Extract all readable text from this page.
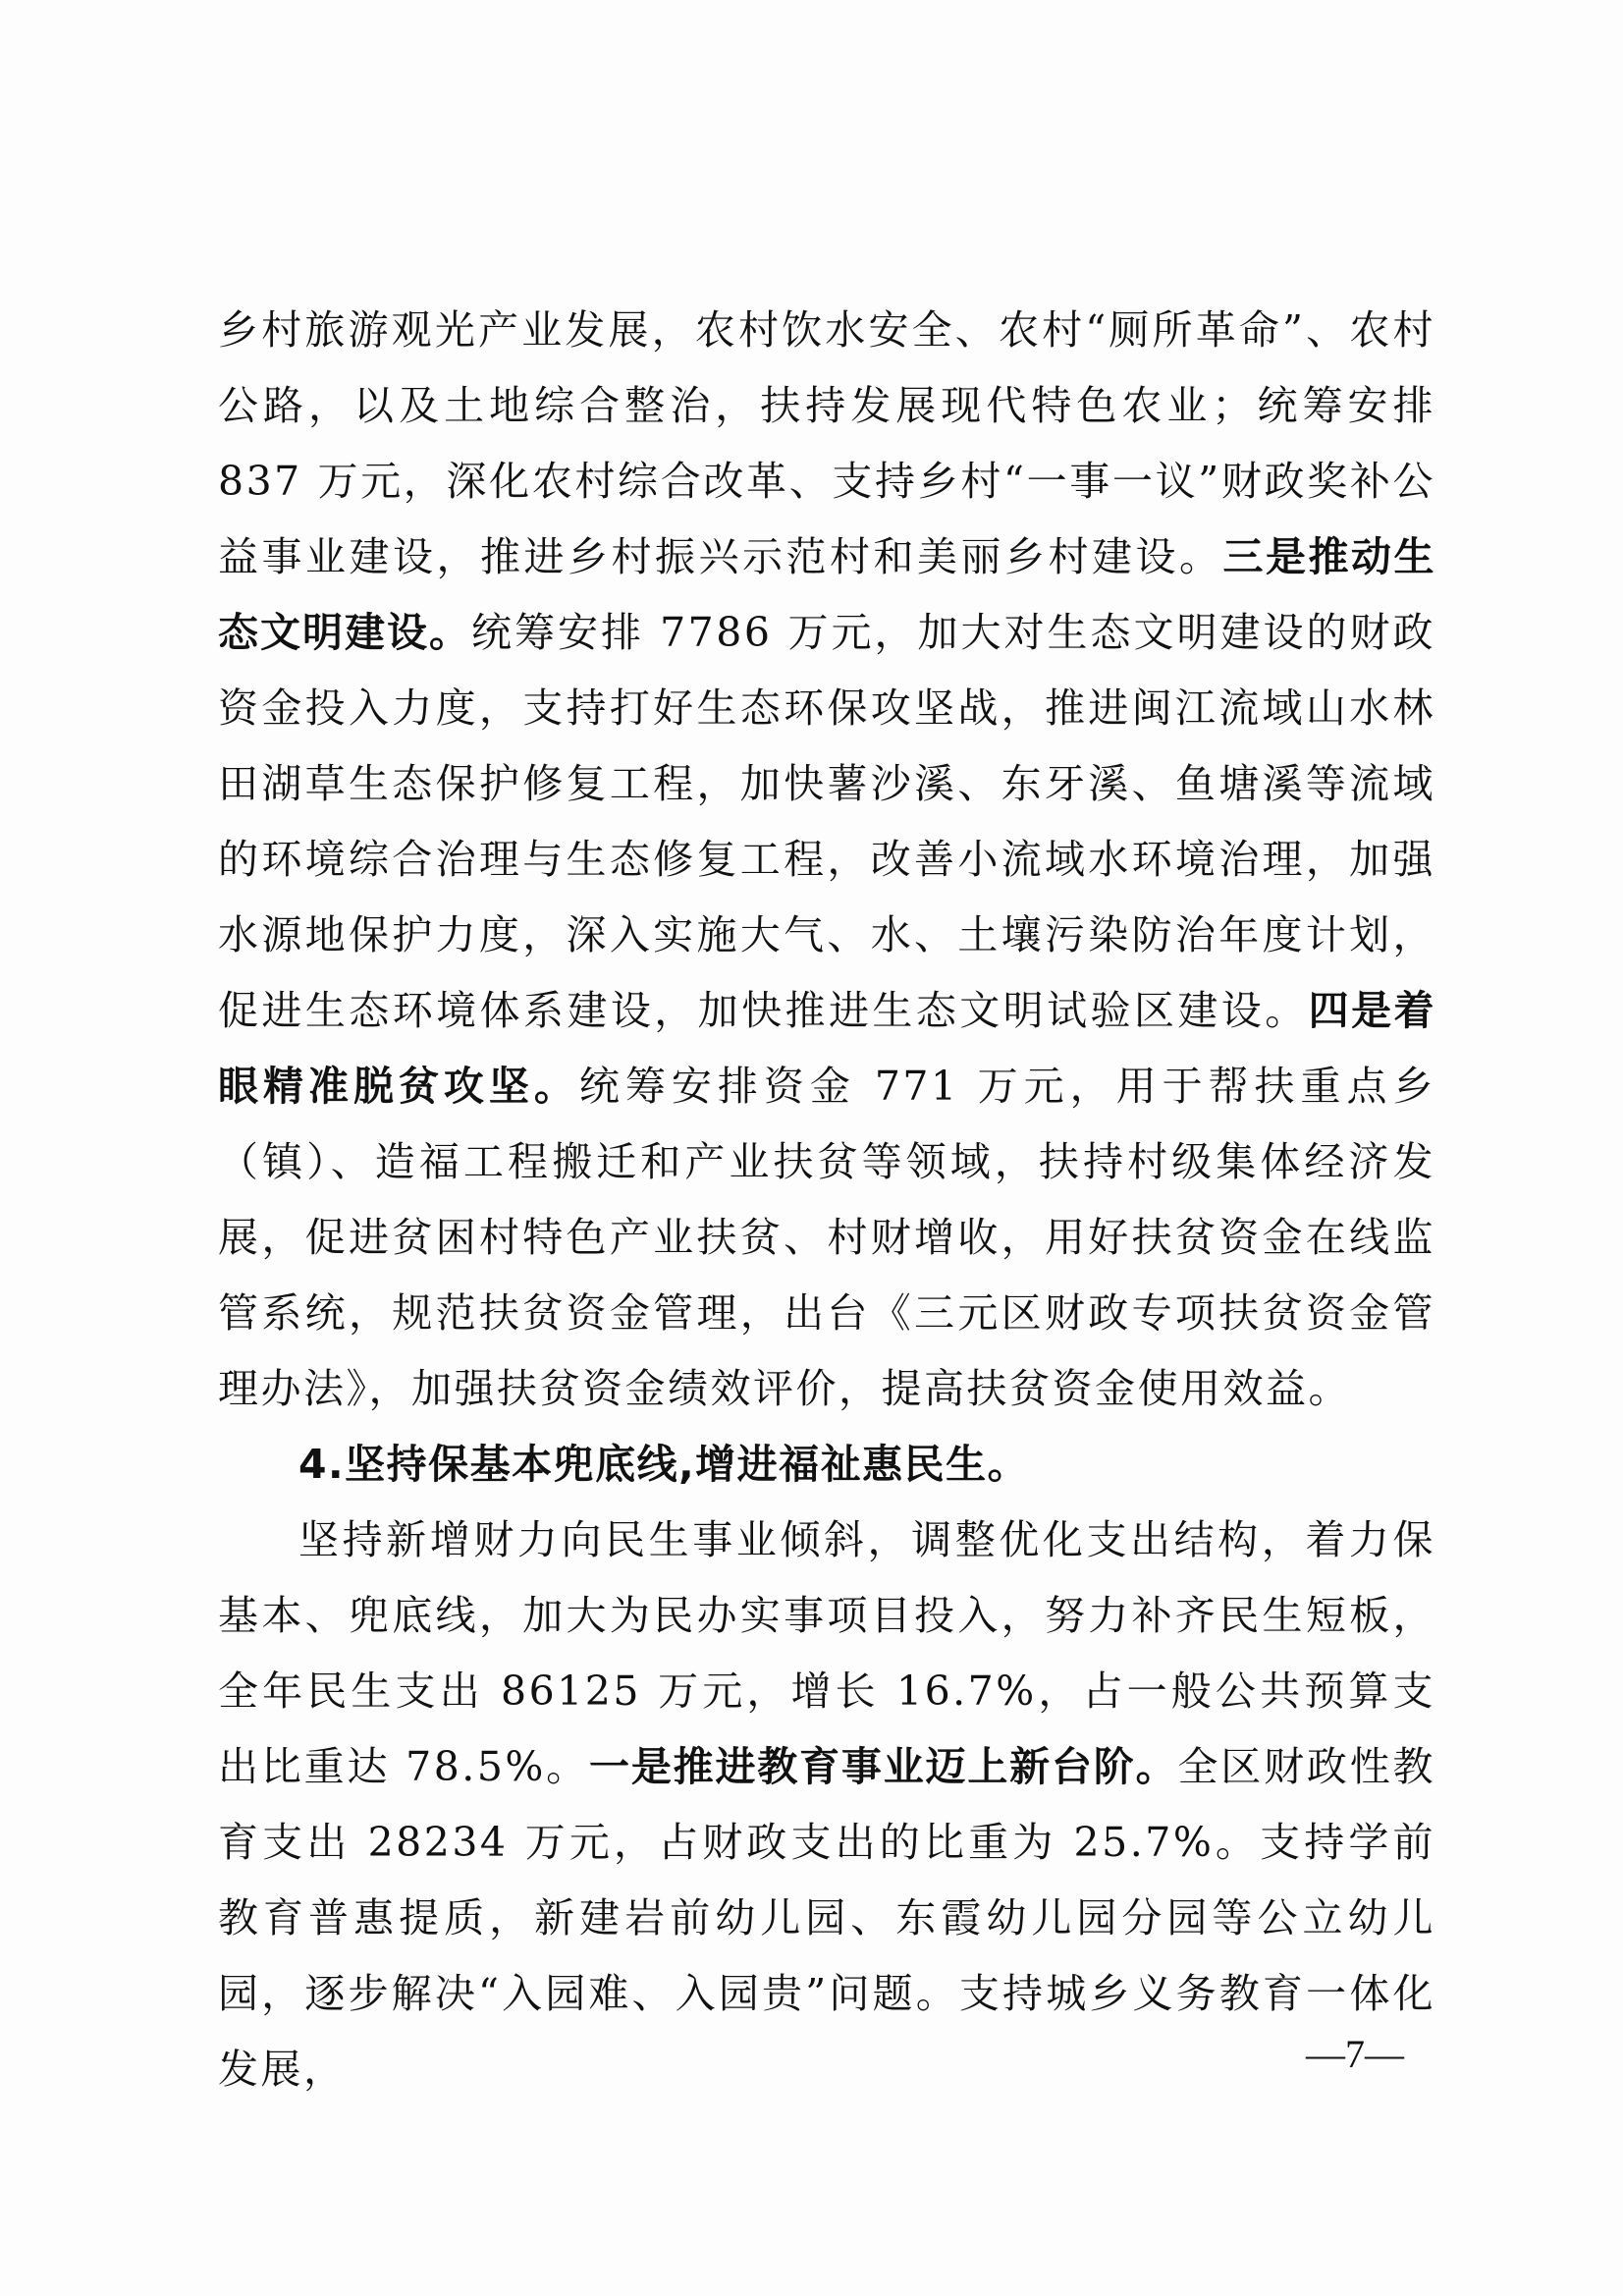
乡村旅游观光产业发展，农村饮水安全、农村“厕所革命”、农村公路，以及土地综合整治，扶持发展现代特色农业；统筹安排837 万元，深化农村综合改革、支持乡村“一事一议”财政奖补公益事业建设，推进乡村振兴示范村和美丽乡村建设。三是推动生态文明建设。统筹安排 7786 万元，加大对生态文明建设的财政资金投入力度，支持打好生态环保攻坚战，推进闽江流域山水林田湖草生态保护修复工程，加快薯沙溪、东牙溪、鱼塘溪等流域的环境综合治理与生态修复工程，改善小流域水环境治理，加强水源地保护力度，深入实施大气、水、土壤污染防治年度计划，促进生态环境体系建设，加快推进生态文明试验区建设。四是着眼精准脱贫攻坚。统筹安排资金 771 万元，用于帮扶重点乡（镇）、造福工程搬迁和产业扶贫等领域，扶持村级集体经济发展，促进贫困村特色产业扶贫、村财增收，用好扶贫资金在线监管系统，规范扶贫资金管理，出台《三元区财政专项扶贫资金管理办法》，加强扶贫资金绩效评价，提高扶贫资金使用效益。

4.坚持保基本兜底线,增进福祉惠民生。

坚持新增财力向民生事业倾斜，调整优化支出结构，着力保基本、兜底线，加大为民办实事项目投入，努力补齐民生短板，全年民生支出 86125 万元，增长 16.7%，占一般公共预算支出比重达 78.5%。一是推进教育事业迈上新台阶。全区财政性教育支出 28234 万元，占财政支出的比重为 25.7%。支持学前教育普惠提质，新建岩前幼儿园、东霞幼儿园分园等公立幼儿园，逐步解决“入园难、入园贵”问题。支持城乡义务教育一体化发展，	—7—
